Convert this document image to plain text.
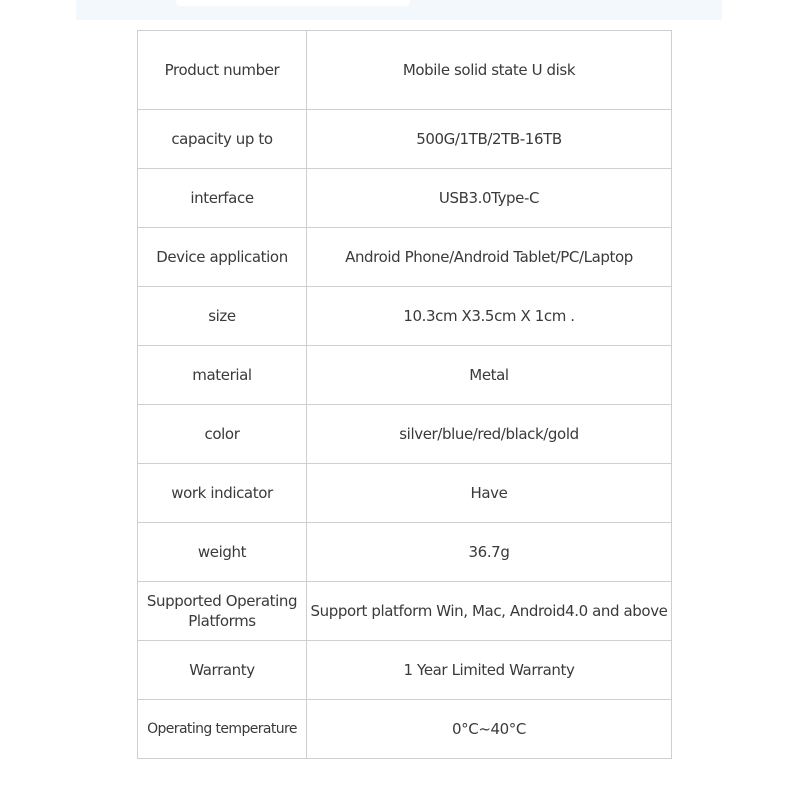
Product number	Mobile solid state U disk
capacity up to	500G/1TB/2TB-16TB
interface	USB3.0Type-C
Device application	Android Phone/Android Tablet/PC/Laptop
size	10.3cm X3.5cm X 1cm .
material	Metal
color	silver/blue/red/black/gold
work indicator	Have
weight	36.7g
Supported Operating Platforms	Support platform Win, Mac, Android4.0 and above
Warranty	1 Year Limited Warranty
Operating temperature	0°C~40°C
